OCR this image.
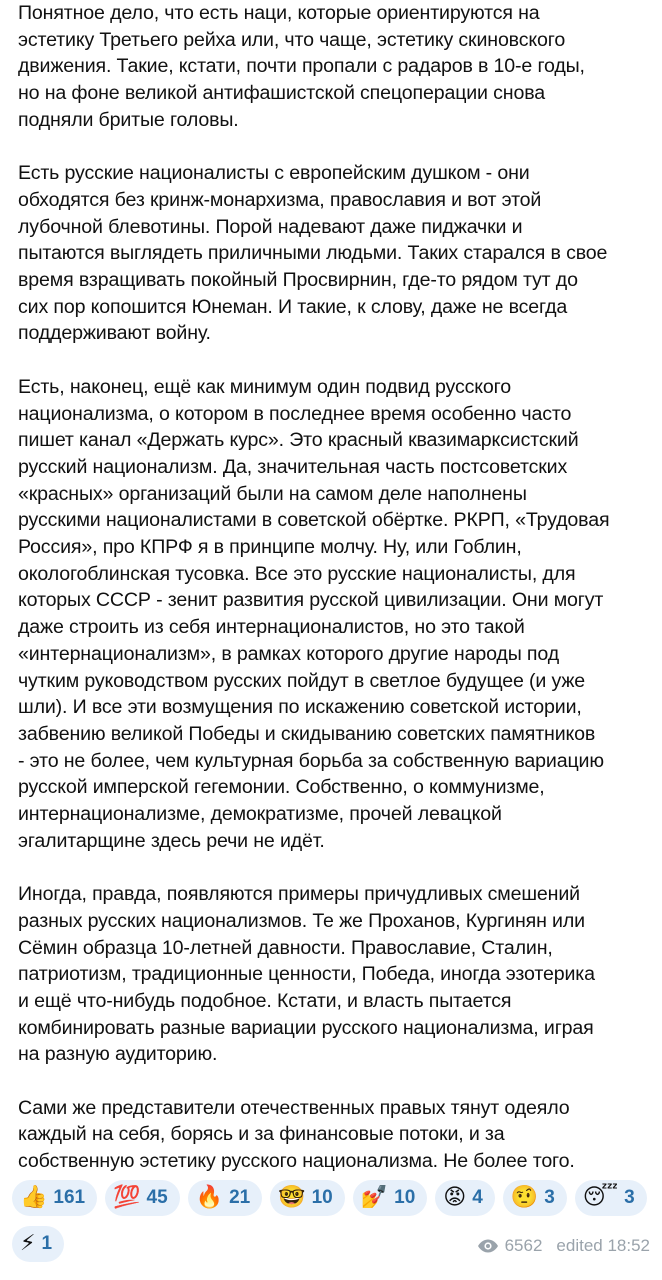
Понятное дело, что есть наци, которые ориентируются на
эстетику Третьего рейха или, что чаще, эстетику скиновского
движения. Такие, кстати, почти пропали с радаров в 10-е годы,
но на фоне великой антифашистской спецоперации снова
подняли бритые головы.

Есть русские националисты с европейским душком - они
обходятся без кринж-монархизма, православия и вот этой
лубочной блевотины. Порой надевают даже пиджачки и
пытаются выглядеть приличными людьми. Таких старался в свое
время взращивать покойный Просвирнин, где-то рядом тут до
сих пор копошится Юнеман. И такие, к слову, даже не всегда
поддерживают войну.

Есть, наконец, ещё как минимум один подвид русского
национализма, о котором в последнее время особенно часто
пишет канал «Держать курс». Это красный квазимарксистский
русский национализм. Да, значительная часть постсоветских
«красных» организаций были на самом деле наполнены
русскими националистами в советской обёртке. РКРП, «Трудовая
Россия», про КПРФ я в принципе молчу. Ну, или Гоблин,
окологоблинская тусовка. Все это русские националисты, для
которых СССР - зенит развития русской цивилизации. Они могут
даже строить из себя интернационалистов, но это такой
«интернационализм», в рамках которого другие народы под
чутким руководством русских пойдут в светлое будущее (и уже
шли). И все эти возмущения по искажению советской истории,
забвению великой Победы и скидыванию советских памятников
- это не более, чем культурная борьба за собственную вариацию
русской имперской гегемонии. Собственно, о коммунизме,
интернационализме, демократизме, прочей левацкой
эгалитарщине здесь речи не идёт.

Иногда, правда, появляются примеры причудливых смешений
разных русских национализмов. Те же Проханов, Кургинян или
Сёмин образца 10-летней давности. Православие, Сталин,
патриотизм, традиционные ценности, Победа, иногда эзотерика
и ещё что-нибудь подобное. Кстати, и власть пытается
комбинировать разные вариации русского национализма, играя
на разную аудиторию.

Сами же представители отечественных правых тянут одеяло
каждый на себя, борясь и за финансовые потоки, и за
собственную эстетику русского национализма. Не более того.

👍 161 💯 45 🔥 21 🤓 10 💅 10 😡 4 🤨 3 😴 3
⚡ 1	6562 edited 18:52
